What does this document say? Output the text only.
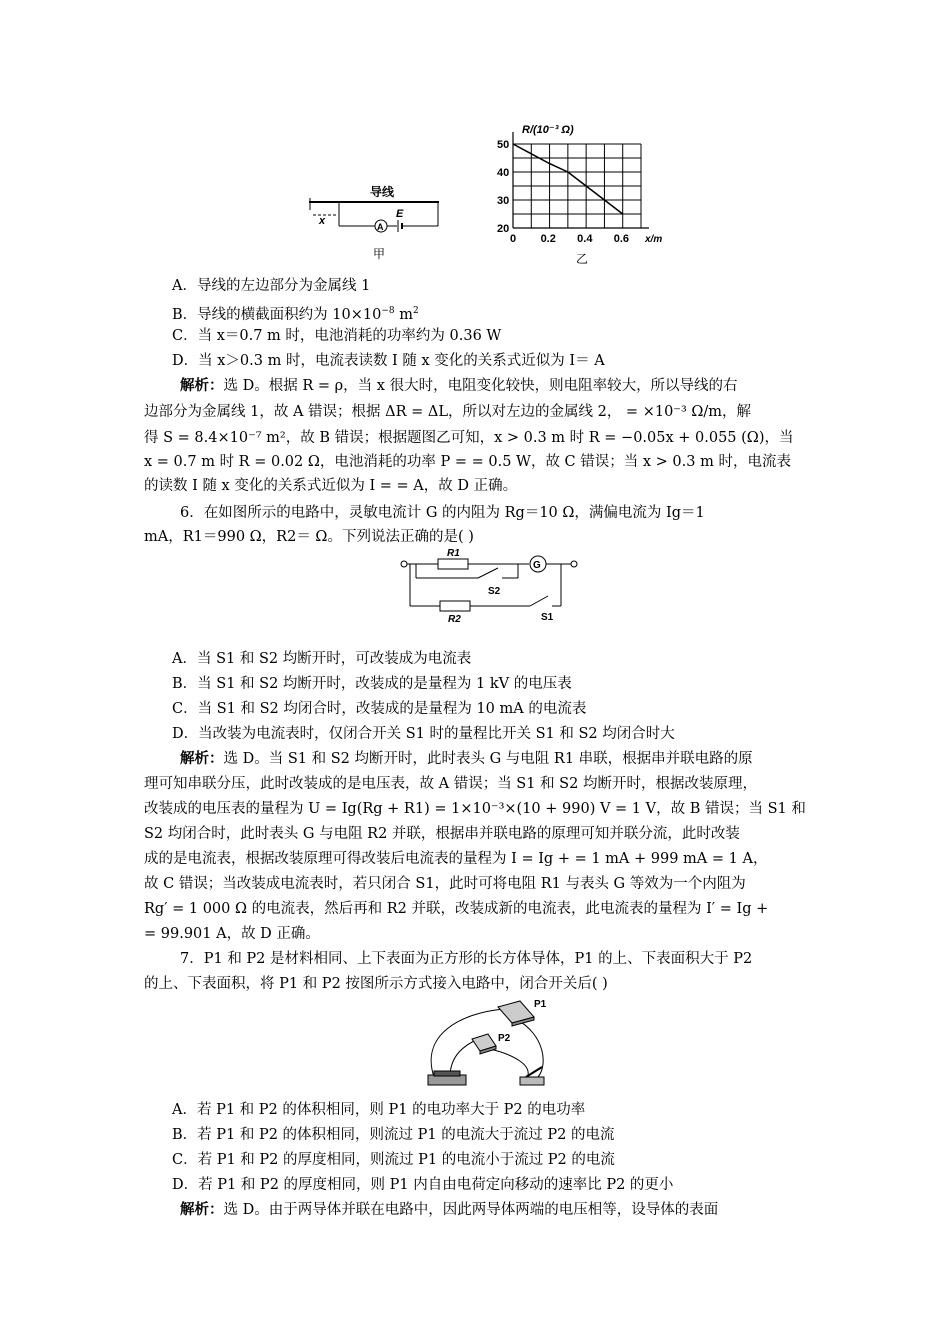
导线
x	A
E
甲
20
30
40
50
0 0.2 0.4 0.6
R/(10⁻³ Ω)
x/m
乙
A．导线的左边部分为金属线 1
B．导线的横截面积约为 $10\times 10^{-8}$ $m^2$
C．当 x＝0.7 m 时，电池消耗的功率约为 0.36 W
D．当 x＞0.3 m 时，电流表读数 I 随 x 变化的关系式近似为 I＝ A
解析：选 D。根据 R = ρ，当 x 很大时，电阻变化较快，则电阻率较大，所以导线的右
边部分为金属线 1，故 A 错误；根据 ΔR = ΔL，所以对左边的金属线 2， = ×10⁻³ Ω/m，解
得 S = 8.4×10⁻⁷ m²，故 B 错误；根据题图乙可知，x > 0.3 m 时 R = −0.05x + 0.055 (Ω)，当
x = 0.7 m 时 R = 0.02 Ω，电池消耗的功率 P = = 0.5 W，故 C 错误；当 x > 0.3 m 时，电流表
的读数 I 随 x 变化的关系式近似为 I = = A，故 D 正确。
6．在如图所示的电路中，灵敏电流计 G 的内阻为 Rg＝10 Ω，满偏电流为 Ig＝1
mA，R1＝990 Ω，R2＝ Ω。下列说法正确的是( )
R1
G
S2
R2	S1
A．当 S1 和 S2 均断开时，可改装成为电流表
B．当 S1 和 S2 均断开时，改装成的是量程为 1 kV 的电压表
C．当 S1 和 S2 均闭合时，改装成的是量程为 10 mA 的电流表
D．当改装为电流表时，仅闭合开关 S1 时的量程比开关 S1 和 S2 均闭合时大
解析：选 D。当 S1 和 S2 均断开时，此时表头 G 与电阻 R1 串联，根据串并联电路的原
理可知串联分压，此时改装成的是电压表，故 A 错误；当 S1 和 S2 均断开时，根据改装原理，
改装成的电压表的量程为 U = Ig(Rg + R1) = 1×10⁻³×(10 + 990) V = 1 V，故 B 错误；当 S1 和
S2 均闭合时，此时表头 G 与电阻 R2 并联，根据串并联电路的原理可知并联分流，此时改装
成的是电流表，根据改装原理可得改装后电流表的量程为 I = Ig + = 1 mA + 999 mA = 1 A，
故 C 错误；当改装成电流表时，若只闭合 S1，此时可将电阻 R1 与表头 G 等效为一个内阻为
Rg′ = 1 000 Ω 的电流表，然后再和 R2 并联，改装成新的电流表，此电流表的量程为 I′ = Ig +
= 99.901 A，故 D 正确。
7．P1 和 P2 是材料相同、上下表面为正方形的长方体导体，P1 的上、下表面积大于 P2
的上、下表面积，将 P1 和 P2 按图所示方式接入电路中，闭合开关后( )
P1
P2
A．若 P1 和 P2 的体积相同，则 P1 的电功率大于 P2 的电功率
B．若 P1 和 P2 的体积相同，则流过 P1 的电流大于流过 P2 的电流
C．若 P1 和 P2 的厚度相同，则流过 P1 的电流小于流过 P2 的电流
D．若 P1 和 P2 的厚度相同，则 P1 内自由电荷定向移动的速率比 P2 的更小
解析：选 D。由于两导体并联在电路中，因此两导体两端的电压相等，设导体的表面
